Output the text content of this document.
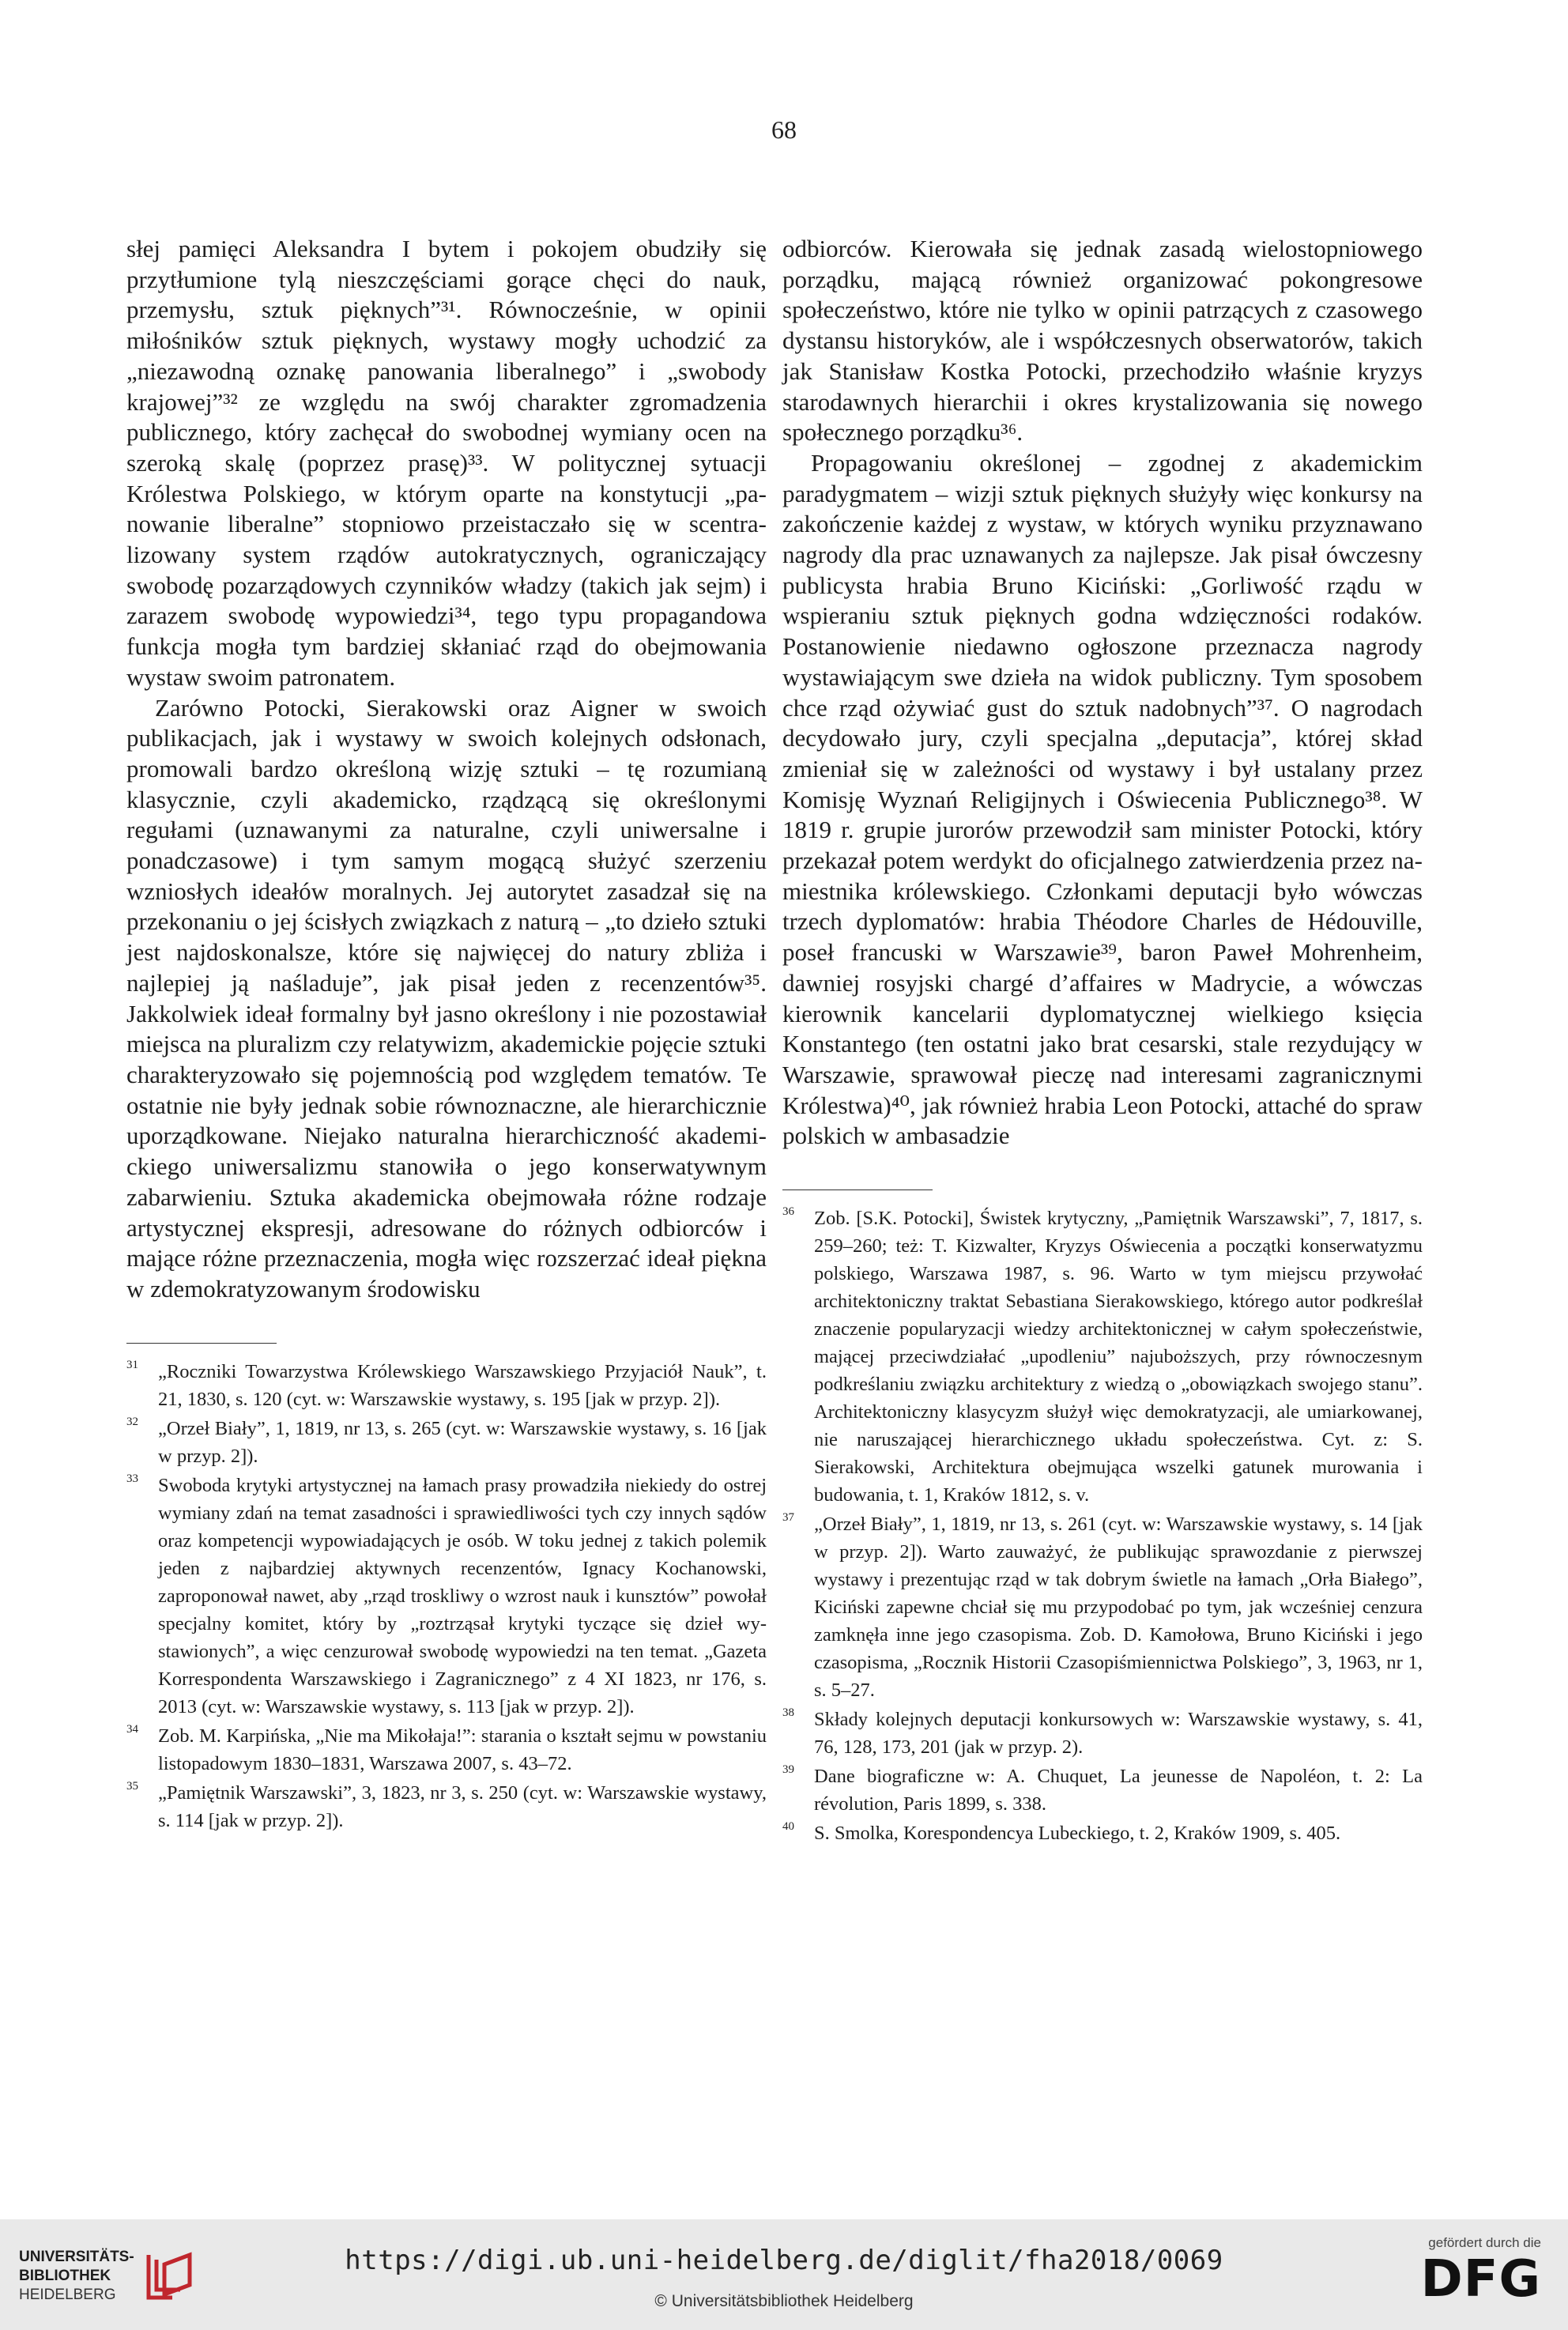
68

słej pamięci Aleksandra I bytem i pokojem obudziły się przytłumione tylą nieszczęściami gorące chęci do nauk, przemysłu, sztuk pięknych”³¹. Równocześnie, w opinii miłośników sztuk pięknych, wystawy mogły uchodzić za „niezawodną oznakę panowania liberalnego” i „swobody krajowej”³² ze względu na swój charakter zgromadzenia publicznego, który zachęcał do swobodnej wymiany ocen na szeroką skalę (poprzez prasę)³³. W politycznej sytuacji Królestwa Polskiego, w którym oparte na konstytucji „panowanie liberalne” stopniowo przeistaczało się w scentralizowany system rządów autokratycznych, ograniczający swobodę pozarządowych czynników władzy (takich jak sejm) i zarazem swobodę wypowiedzi³⁴, tego typu propagandowa funkcja mogła tym bardziej skłaniać rząd do obejmowania wystaw swoim patronatem.

Zarówno Potocki, Sierakowski oraz Aigner w swoich publikacjach, jak i wystawy w swoich kolejnych odsłonach, promowali bardzo określoną wizję sztuki – tę rozumianą klasycznie, czyli akademicko, rządzącą się określonymi regułami (uznawanymi za naturalne, czyli uniwersalne i ponadczasowe) i tym samym mogącą służyć szerzeniu wzniosłych ideałów moralnych. Jej autorytet zasadzał się na przekonaniu o jej ścisłych związkach z naturą – „to dzieło sztuki jest najdoskonalsze, które się najwięcej do natury zbliża i najlepiej ją naśladuje”, jak pisał jeden z recenzentów³⁵. Jakkolwiek ideał formalny był jasno określony i nie pozostawiał miejsca na pluralizm czy relatywizm, akademickie pojęcie sztuki charakteryzowało się pojemnością pod względem tematów. Te ostatnie nie były jednak sobie równoznaczne, ale hierarchicznie uporządkowane. Niejako naturalna hierarchiczność akademickiego uniwersalizmu stanowiła o jego konserwatywnym zabarwieniu. Sztuka akademicka obejmowała różne rodzaje artystycznej ekspresji, adresowane do różnych odbiorców i mające różne przeznaczenia, mogła więc rozszerzać ideał piękna w zdemokratyzowanym środowisku

31 „Roczniki Towarzystwa Królewskiego Warszawskiego Przyjaciół Nauk”, t. 21, 1830, s. 120 (cyt. w: Warszawskie wystawy, s. 195 [jak w przyp. 2]).
32 „Orzeł Biały”, 1, 1819, nr 13, s. 265 (cyt. w: Warszawskie wystawy, s. 16 [jak w przyp. 2]).
33 Swoboda krytyki artystycznej na łamach prasy prowadziła niekiedy do ostrej wymiany zdań na temat zasadności i sprawiedliwości tych czy innych sądów oraz kompetencji wypowiadających je osób. W toku jednej z takich polemik jeden z najbardziej aktywnych recenzentów, Ignacy Kochanowski, zaproponował nawet, aby „rząd troskliwy o wzrost nauk i kunsztów” powołał specjalny komitet, który by „roztrząsał krytyki tyczące się dzieł wystawionych”, a więc cenzurował swobodę wypowiedzi na ten temat. „Gazeta Korrespondenta Warszawskiego i Zagranicznego” z 4 XI 1823, nr 176, s. 2013 (cyt. w: Warszawskie wystawy, s. 113 [jak w przyp. 2]).
34 Zob. M. Karpińska, „Nie ma Mikołaja!”: starania o kształt sejmu w powstaniu listopadowym 1830–1831, Warszawa 2007, s. 43–72.
35 „Pamiętnik Warszawski”, 3, 1823, nr 3, s. 250 (cyt. w: Warszawskie wystawy, s. 114 [jak w przyp. 2]).

odbiorców. Kierowała się jednak zasadą wielostopniowego porządku, mającą również organizować pokongresowe społeczeństwo, które nie tylko w opinii patrzących z czasowego dystansu historyków, ale i współczesnych obserwatorów, takich jak Stanisław Kostka Potocki, przechodziło właśnie kryzys starodawnych hierarchii i okres krystalizowania się nowego społecznego porządku³⁶.

Propagowaniu określonej – zgodnej z akademickim paradygmatem – wizji sztuk pięknych służyły więc konkursy na zakończenie każdej z wystaw, w których wyniku przyznawano nagrody dla prac uznawanych za najlepsze. Jak pisał ówczesny publicysta hrabia Bruno Kiciński: „Gorliwość rządu w wspieraniu sztuk pięknych godna wdzięczności rodaków. Postanowienie niedawno ogłoszone przeznacza nagrody wystawiającym swe dzieła na widok publiczny. Tym sposobem chce rząd ożywiać gust do sztuk nadobnych”³⁷. O nagrodach decydowało jury, czyli specjalna „deputacja”, której skład zmieniał się w zależności od wystawy i był ustalany przez Komisję Wyznań Religijnych i Oświecenia Publicznego³⁸. W 1819 r. grupie jurorów przewodził sam minister Potocki, który przekazał potem werdykt do oficjalnego zatwierdzenia przez namiestnika królewskiego. Członkami deputacji było wówczas trzech dyplomatów: hrabia Théodore Charles de Hédouville, poseł francuski w Warszawie³⁹, baron Paweł Mohrenheim, dawniej rosyjski chargé d’affaires w Madrycie, a wówczas kierownik kancelarii dyplomatycznej wielkiego księcia Konstantego (ten ostatni jako brat cesarski, stale rezydujący w Warszawie, sprawował pieczę nad interesami zagranicznymi Królestwa)⁴⁰, jak również hrabia Leon Potocki, attaché do spraw polskich w ambasadzie

36 Zob. [S.K. Potocki], Świstek krytyczny, „Pamiętnik Warszawski”, 7, 1817, s. 259–260; też: T. Kizwalter, Kryzys Oświecenia a początki konserwatyzmu polskiego, Warszawa 1987, s. 96. Warto w tym miejscu przywołać architektoniczny traktat Sebastiana Sierakowskiego, którego autor podkreślał znaczenie popularyzacji wiedzy architektonicznej w całym społeczeństwie, mającej przeciwdziałać „upodleniu” najuboższych, przy równoczesnym podkreślaniu związku architektury z wiedzą o „obowiązkach swojego stanu”. Architektoniczny klasycyzm służył więc demokratyzacji, ale umiarkowanej, nie naruszającej hierarchicznego układu społeczeństwa. Cyt. z: S. Sierakowski, Architektura obejmująca wszelki gatunek murowania i budowania, t. 1, Kraków 1812, s. v.
37 „Orzeł Biały”, 1, 1819, nr 13, s. 261 (cyt. w: Warszawskie wystawy, s. 14 [jak w przyp. 2]). Warto zauważyć, że publikując sprawozdanie z pierwszej wystawy i prezentując rząd w tak dobrym świetle na łamach „Orła Białego”, Kiciński zapewne chciał się mu przypodobać po tym, jak wcześniej cenzura zamknęła inne jego czasopisma. Zob. D. Kamołowa, Bruno Kiciński i jego czasopisma, „Rocznik Historii Czasopiśmiennictwa Polskiego”, 3, 1963, nr 1, s. 5–27.
38 Składy kolejnych deputacji konkursowych w: Warszawskie wystawy, s. 41, 76, 128, 173, 201 (jak w przyp. 2).
39 Dane biograficzne w: A. Chuquet, La jeunesse de Napoléon, t. 2: La révolution, Paris 1899, s. 338.
40 S. Smolka, Korespondencya Lubeckiego, t. 2, Kraków 1909, s. 405.
UNIVERSITÄTS-
BIBLIOTHEK
HEIDELBERG
https://digi.ub.uni-heidelberg.de/diglit/fha2018/0069
© Universitätsbibliothek Heidelberg
gefördert durch die
DFG
